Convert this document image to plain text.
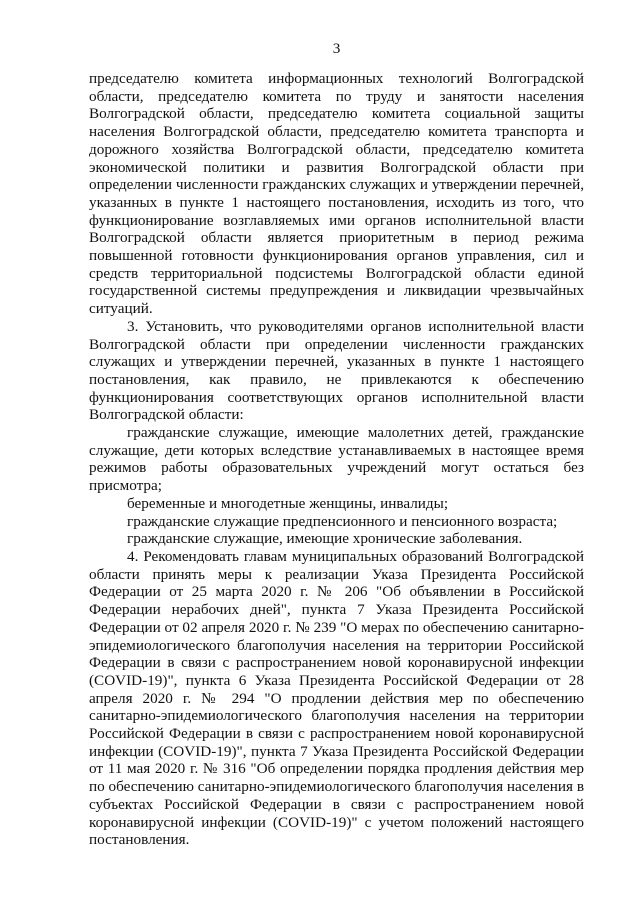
3

председателю комитета информационных технологий Волгоградской области, председателю комитета по труду и занятости населения Волгоградской области, председателю комитета социальной защиты населения Волгоградской области, председателю комитета транспорта и дорожного хозяйства Волгоградской области, председателю комитета экономической политики и развития Волгоградской области при определении численности гражданских служащих и утверждении перечней, указанных в пункте 1 настоящего постановления, исходить из того, что функционирование возглавляемых ими органов исполнительной власти Волгоградской области является приоритетным в период режима повышенной готовности функционирования органов управления, сил и средств территориальной подсистемы Волгоградской области единой государственной системы предупреждения и ликвидации чрезвычайных ситуаций.

3. Установить, что руководителями органов исполнительной власти Волгоградской области при определении численности гражданских служащих и утверждении перечней, указанных в пункте 1 настоящего постановления, как правило, не привлекаются к обеспечению функционирования соответствующих органов исполнительной власти Волгоградской области:

гражданские служащие, имеющие малолетних детей, гражданские служащие, дети которых вследствие устанавливаемых в настоящее время режимов работы образовательных учреждений могут остаться без присмотра;

беременные и многодетные женщины, инвалиды;

гражданские служащие предпенсионного и пенсионного возраста;

гражданские служащие, имеющие хронические заболевания.

4. Рекомендовать главам муниципальных образований Волгоградской области принять меры к реализации Указа Президента Российской Федерации от 25 марта 2020 г. № 206 "Об объявлении в Российской Федерации нерабочих дней", пункта 7 Указа Президента Российской Федерации от 02 апреля 2020 г. № 239 "О мерах по обеспечению санитарно-эпидемиологического благополучия населения на территории Российской Федерации в связи с распространением новой коронавирусной инфекции (COVID-19)", пункта 6 Указа Президента Российской Федерации от 28 апреля 2020 г. № 294 "О продлении действия мер по обеспечению санитарно-эпидемиологического благополучия населения на территории Российской Федерации в связи с распространением новой коронавирусной инфекции (COVID-19)", пункта 7 Указа Президента Российской Федерации от 11 мая 2020 г. № 316 "Об определении порядка продления действия мер по обеспечению санитарно-эпидемиологического благополучия населения в субъектах Российской Федерации в связи с распространением новой коронавирусной инфекции (COVID-19)" с учетом положений настоящего постановления.
